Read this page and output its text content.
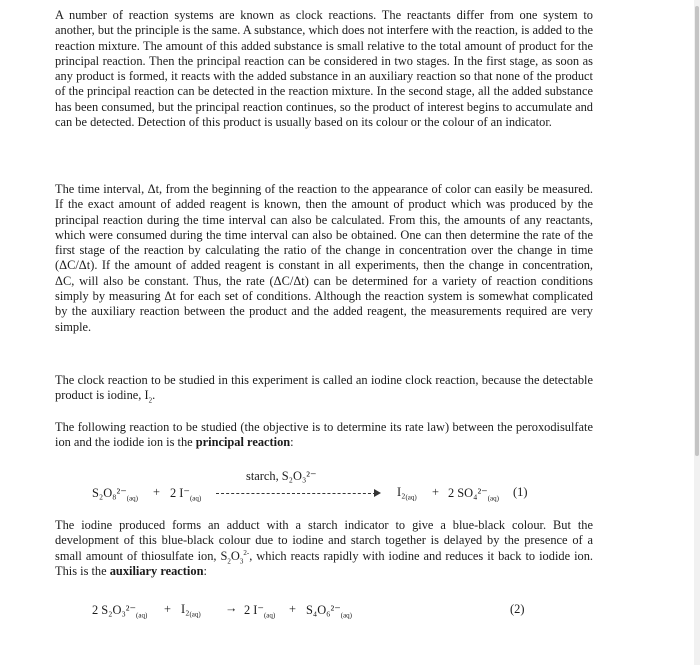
A number of reaction systems are known as clock reactions. The reactants differ from one system to another, but the principle is the same. A substance, which does not interfere with the reaction, is added to the reaction mixture. The amount of this added substance is small relative to the total amount of product for the principal reaction. Then the principal reaction can be considered in two stages. In the first stage, as soon as any product is formed, it reacts with the added substance in an auxiliary reaction so that none of the product of the principal reaction can be detected in the reaction mixture. In the second stage, all the added substance has been consumed, but the principal reaction continues, so the product of interest begins to accumulate and can be detected. Detection of this product is usually based on its colour or the colour of an indicator.

The time interval, Δt, from the beginning of the reaction to the appearance of color can easily be measured. If the exact amount of added reagent is known, then the amount of product which was produced by the principal reaction during the time interval can also be calculated. From this, the amounts of any reactants, which were consumed during the time interval can also be obtained. One can then determine the rate of the first stage of the reaction by calculating the ratio of the change in concentration over the change in time (ΔC/Δt). If the amount of added reagent is constant in all experiments, then the change in concentration, ΔC, will also be constant. Thus, the rate (ΔC/Δt) can be determined for a variety of reaction conditions simply by measuring Δt for each set of conditions. Although the reaction system is somewhat complicated by the auxiliary reaction between the product and the added reagent, the measurements required are very simple.

The clock reaction to be studied in this experiment is called an iodine clock reaction, because the detectable product is iodine, $I_2$.

The following reaction to be studied (the objective is to determine its rate law) between the peroxodisulfate ion and the iodide ion is the principal reaction:

starch, S₂O₃²⁻
$S_2O_8^{2-}_{(aq)} + 2$ $I^-_{(aq)}$	$I_2_{(aq)} + 2$ $SO_4^{2-}_{(aq)}$ (1)

The iodine produced forms an adduct with a starch indicator to give a blue-black colour. But the development of this blue-black colour due to iodine and starch together is delayed by the presence of a small amount of thiosulfate ion, $S_2O_3^{2-}$, which reacts rapidly with iodine and reduces it back to iodide ion. This is the auxiliary reaction:

2 $S_2O_3^{2-}_{(aq)} + I_2_{(aq)} \to 2$ $I^-_{(aq)} + S_4O_6^{2-}_{(aq)}$	(2)
